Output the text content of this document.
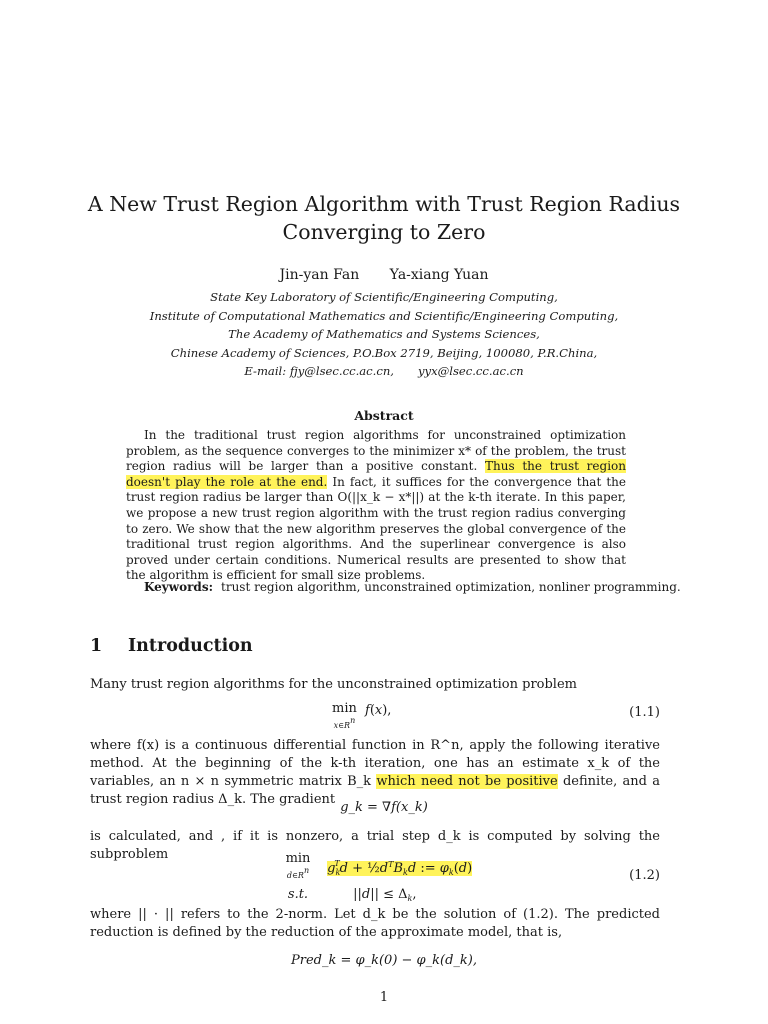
A New Trust Region Algorithm with Trust Region Radius
Converging to Zero
Jin-yan Fan Ya-xiang Yuan
State Key Laboratory of Scientific/Engineering Computing,
Institute of Computational Mathematics and Scientific/Engineering Computing,
The Academy of Mathematics and Systems Sciences,
Chinese Academy of Sciences, P.O.Box 2719, Beijing, 100080, P.R.China,
E-mail: fjy@lsec.cc.ac.cn, yyx@lsec.cc.ac.cn
Abstract

In the traditional trust region algorithms for unconstrained optimization problem, as the sequence converges to the minimizer x* of the problem, the trust region radius will be larger than a positive constant. Thus the trust region doesn't play the role at the end. In fact, it suffices for the convergence that the trust region radius be larger than O(||x_k − x*||) at the k-th iterate. In this paper, we propose a new trust region algorithm with the trust region radius converging to zero. We show that the new algorithm preserves the global convergence of the traditional trust region algorithms. And the superlinear convergence is also proved under certain conditions. Numerical results are presented to show that the algorithm is efficient for small size problems.

Keywords: trust region algorithm, unconstrained optimization, nonliner programming.
1 Introduction
Many trust region algorithms for the unconstrained optimization problem
min
x∈Rn f(x),	(1.1)
where f(x) is a continuous differential function in R^n, apply the following iterative method. At the beginning of the k-th iteration, one has an estimate x_k of the variables, an n × n symmetric matrix B_k which need not be positive definite, and a trust region radius Δ_k. The gradient
g_k = ∇f(x_k)
is calculated, and , if it is nonzero, a trial step d_k is computed by solving the subproblem	min
d∈Rn $g_k^Td$ + $\frac{1}{2}d^TB_kd$ := $\varphi_k(d)$
s.t.	$||d|| \le \Delta_k$,
(1.2)
where || · || refers to the 2-norm. Let d_k be the solution of (1.2). The predicted reduction is defined by the reduction of the approximate model, that is,
Pred_k = φ_k(0) − φ_k(d_k),
1
